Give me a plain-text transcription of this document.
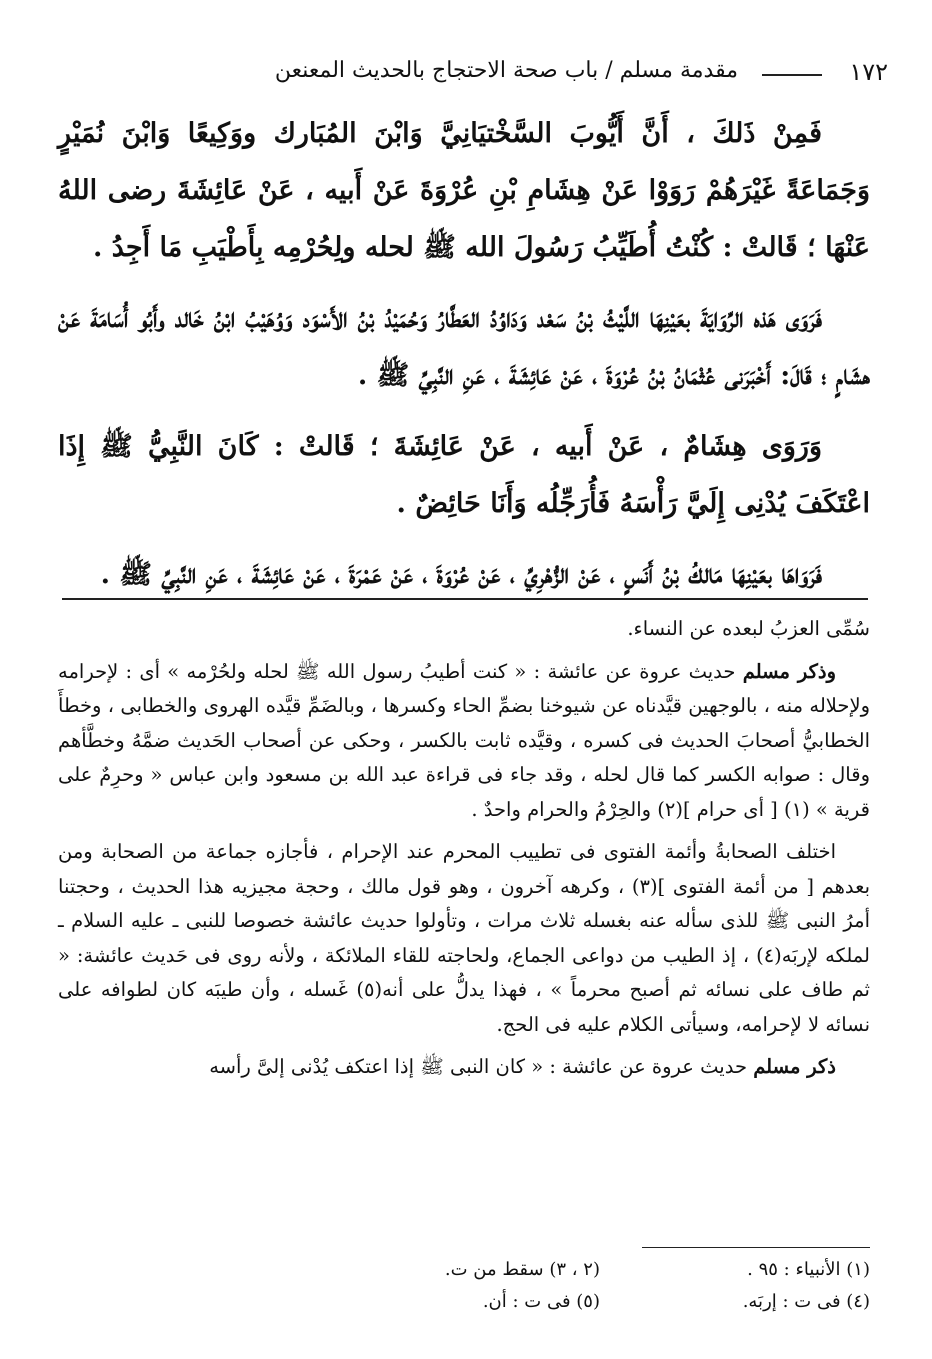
١٧٢
مقدمة مسلم / باب صحة الاحتجاج بالحديث المعنعن

فَمِنْ ذَلكَ ، أَنَّ أَيُّوبَ السَّخْتيَانِيَّ وَابْنَ المُبَارك ووَكِيعًا وَابْنَ نُمَيْرٍ وَجَمَاعَةً غَيْرَهُمْ رَوَوْا عَنْ هِشَامِ بْنِ عُرْوَةَ عَنْ أَبيه ، عَنْ عَائِشَةَ رضى اللهُ عَنْهَا ؛ قَالتْ : كُنْتُ أُطَيِّبُ رَسُولَ الله ﷺ لحله ولِحُرْمِه بِأَطْيَبِ مَا أَجِدُ .

فَرَوَى هَذه الرِّوَايَةَ بعَيْنِهَا اللَّيْثُ بْنُ سَعْد وَدَاوُدُ العَطَّارُ وَحُمَيْدُ بْنُ الأَسْوَد وَوُهَيْبُ ابْنُ خَالد وأَبُو أُسَامَةَ عَنْ هشَامٍ ؛ قَالَ: أَخْبَرَنى عُثْمَانُ بْنُ عُرْوَةَ ، عَنْ عَائِشَةَ ، عَنِ النَّبِيِّ ﷺ .

وَرَوَى هِشَامٌ ، عَنْ أَبيه ، عَنْ عَائِشَةَ ؛ قَالتْ : كَانَ النَّبِيُّ ﷺ إِذَا اعْتَكَفَ يُدْنِى إِلَيَّ رَأْسَهُ فَأُرَجِّلُه وَأَنَا حَائِضٌ .

فَرَوَاهَا بعَيْنِهَا مَالكُ بْنُ أَنَسٍ ، عَنْ الزُّهْرِيِّ ، عَنْ عُرْوَةَ ، عَنْ عَمْرَةَ ، عَنْ عَائِشَةَ ، عَنِ النَّبِيِّ ﷺ .

سُمِّى العزبُ لبعده عن النساء.

وذكر مسلم حديث عروة عن عائشة : « كنت أطيبُ رسول الله ﷺ لحله ولحُرْمه » أى : لإحرامه ولإحلاله منه ، بالوجهين قيَّدناه عن شيوخنا بضمِّ الحاء وكسرها ، وبالضَمِّ قيَّده الهروى والخطابى ، وخطأَ الخطابيُّ أصحابَ الحديث فى كسره ، وقيَّده ثابت بالكسر ، وحكى عن أصحاب الحَديث ضمَّهُ وخطَّأهم وقال : صوابه الكسر كما قال لحله ، وقد جاء فى قراءة عبد الله بن مسعود وابن عباس « وحرِمٌ على قرية » (١) [ أى حرام ](٢) والحِرْمُ والحرام واحدٌ .

اختلف الصحابةُ وأئمة الفتوى فى تطييب المحرم عند الإحرام ، فأجازه جماعة من الصحابة ومن بعدهم [ من أئمة الفتوى ](٣) ، وكرهه آخرون ، وهو قول مالك ، وحجة مجيزيه هذا الحديث ، وحجتنا أمرُ النبى ﷺ للذى سأله عنه بغسله ثلاث مرات ، وتأولوا حديث عائشة خصوصا للنبى ـ عليه السلام ـ لملكه لإربَه(٤) ، إذ الطيب من دواعى الجماع، ولحاجته للقاء الملائكة ، ولأنه روى فى حَديث عائشة: « ثم طاف على نسائه ثم أصبح محرماً » ، فهذا يدلُّ على أنه(٥) غَسله ، وأن طيبَه كان لطوافه على نسائه لا لإحرامه، وسيأتى الكلام عليه فى الحج.

ذكر مسلم حديث عروة عن عائشة : « كان النبى ﷺ إذا اعتكف يُدْنى إلىَّ رأسه

(١) الأنبياء : ٩٥ .
(٤) فى ت : إربَه.
(٢ ، ٣) سقط من ت.
(٥) فى ت : أن.
